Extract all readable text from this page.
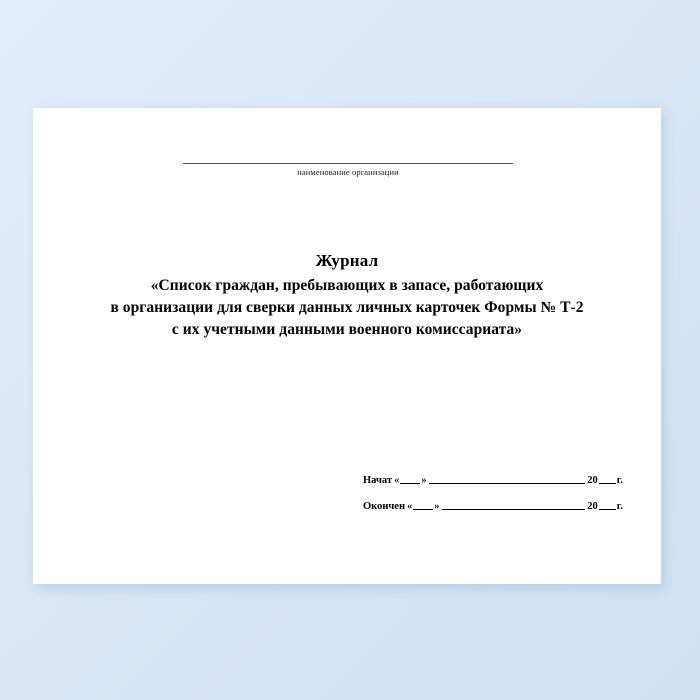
наименование организации
Журнал
«Список граждан, пребывающих в запасе, работающих
в организации для сверки данных личных карточек Формы № Т-2
с их учетными данными военного комиссариата»
Начат « »	20 г.
Окончен « »	20 г.
